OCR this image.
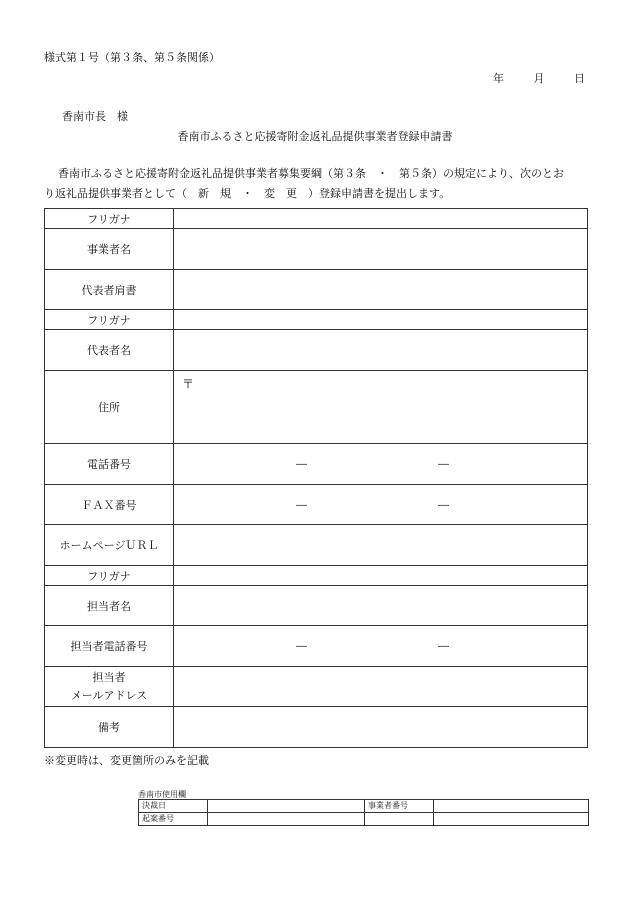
様式第１号（第３条、第５条関係）
年	月	日
香南市長　様
香南市ふるさと応援寄附金返礼品提供事業者登録申請書
香南市ふるさと応援寄附金返礼品提供事業者募集要綱（第３条　・　第５条）の規定により、次のとお
り返礼品提供事業者として（　新　規　・　変　更　）登録申請書を提出します。
フリガナ	
事業者名	
代表者肩書	
フリガナ	
代表者名	
住所	〒

電話番号	― ―

ＦＡＸ番号	― ―

ホームページＵＲＬ	
フリガナ	
担当者名	
担当者電話番号	― ―

担当者
メールアドレス	

備考	
※変更時は、変更箇所のみを記載
香南市使用欄
決裁日		事業者番号	
起案番号			
